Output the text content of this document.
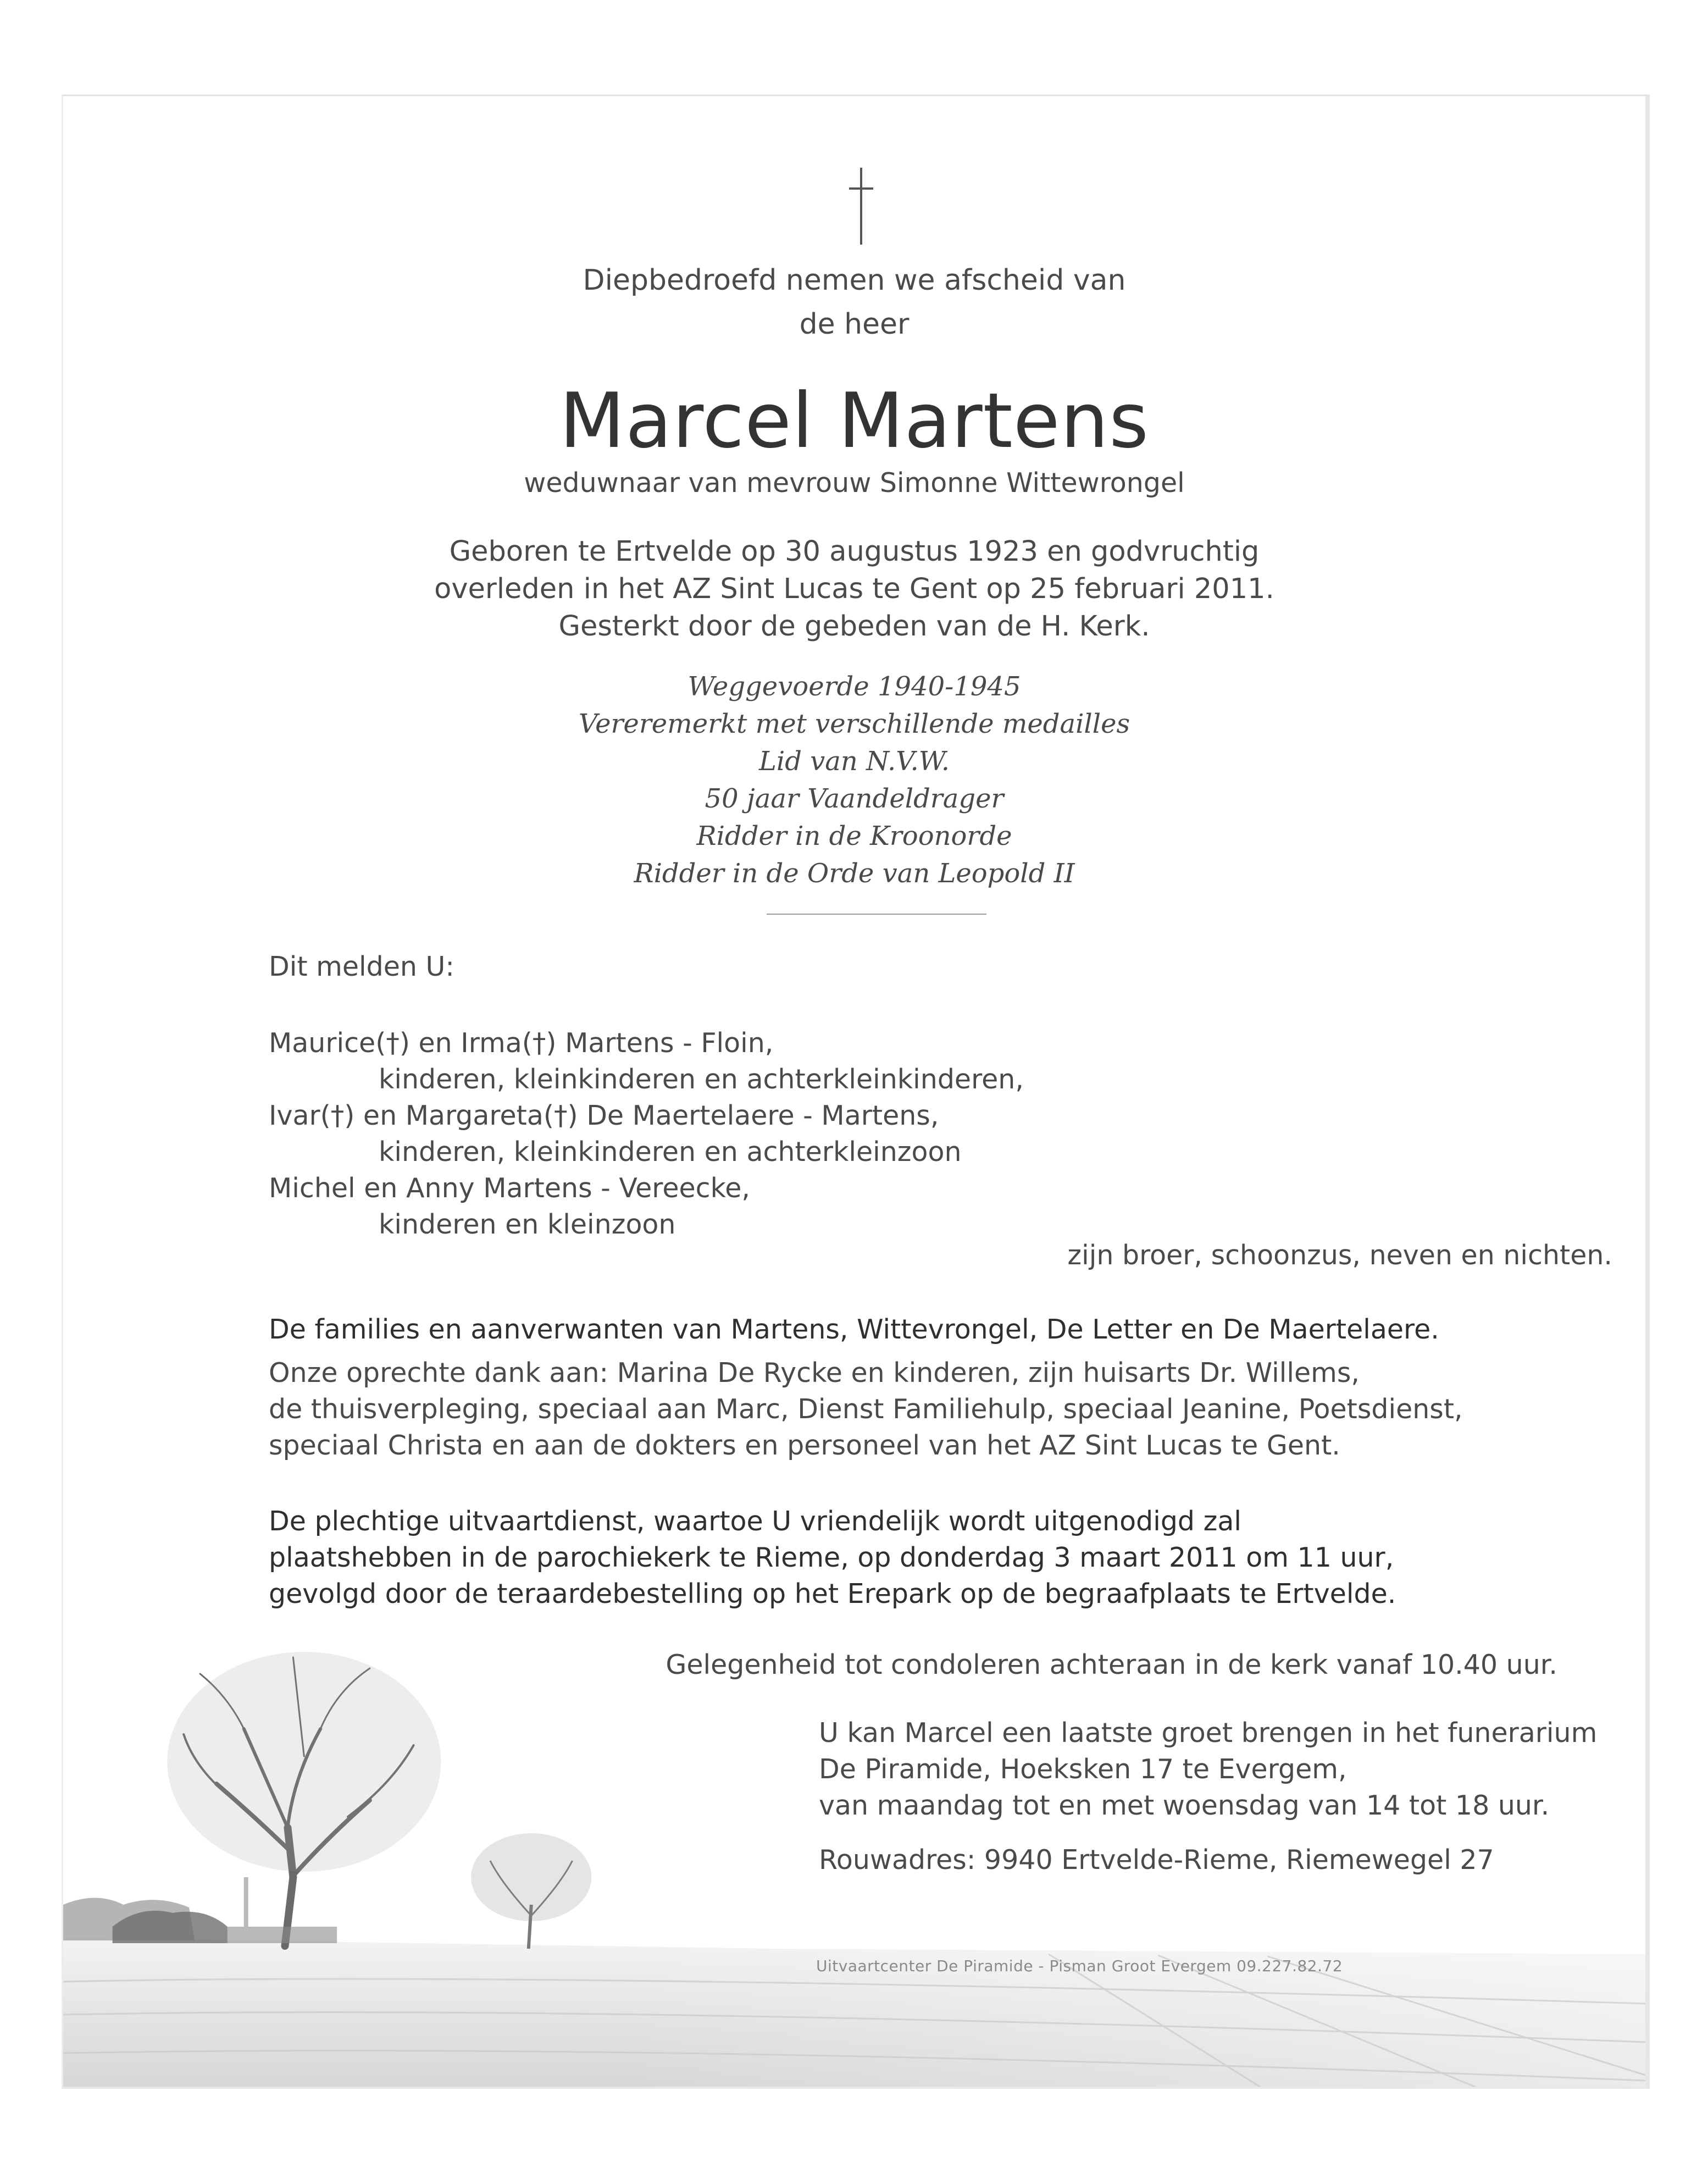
Diepbedroefd nemen we afscheid van
de heer
Marcel Martens
weduwnaar van mevrouw Simonne Wittewrongel
Geboren te Ertvelde op 30 augustus 1923 en godvruchtig
overleden in het AZ Sint Lucas te Gent op 25 februari 2011.
Gesterkt door de gebeden van de H. Kerk.
Weggevoerde 1940-1945
Vereremerkt met verschillende medailles
Lid van N.V.W.
50 jaar Vaandeldrager
Ridder in de Kroonorde
Ridder in de Orde van Leopold II
Dit melden U:
Maurice(†) en Irma(†) Martens - Floin,
kinderen, kleinkinderen en achterkleinkinderen,
Ivar(†) en Margareta(†) De Maertelaere - Martens,
kinderen, kleinkinderen en achterkleinzoon
Michel en Anny Martens - Vereecke,
kinderen en kleinzoon
zijn broer, schoonzus, neven en nichten.
De families en aanverwanten van Martens, Wittevrongel, De Letter en De Maertelaere.
Onze oprechte dank aan: Marina De Rycke en kinderen, zijn huisarts Dr. Willems,
de thuisverpleging, speciaal aan Marc, Dienst Familiehulp, speciaal Jeanine, Poetsdienst,
speciaal Christa en aan de dokters en personeel van het AZ Sint Lucas te Gent.
De plechtige uitvaartdienst, waartoe U vriendelijk wordt uitgenodigd zal
plaatshebben in de parochiekerk te Rieme, op donderdag 3 maart 2011 om 11 uur,
gevolgd door de teraardebestelling op het Erepark op de begraafplaats te Ertvelde.
Gelegenheid tot condoleren achteraan in de kerk vanaf 10.40 uur.
U kan Marcel een laatste groet brengen in het funerarium
De Piramide, Hoeksken 17 te Evergem,
van maandag tot en met woensdag van 14 tot 18 uur.
Rouwadres: 9940 Ertvelde-Rieme, Riemewegel 27
Uitvaartcenter De Piramide - Pisman Groot Evergem 09.227.82.72
